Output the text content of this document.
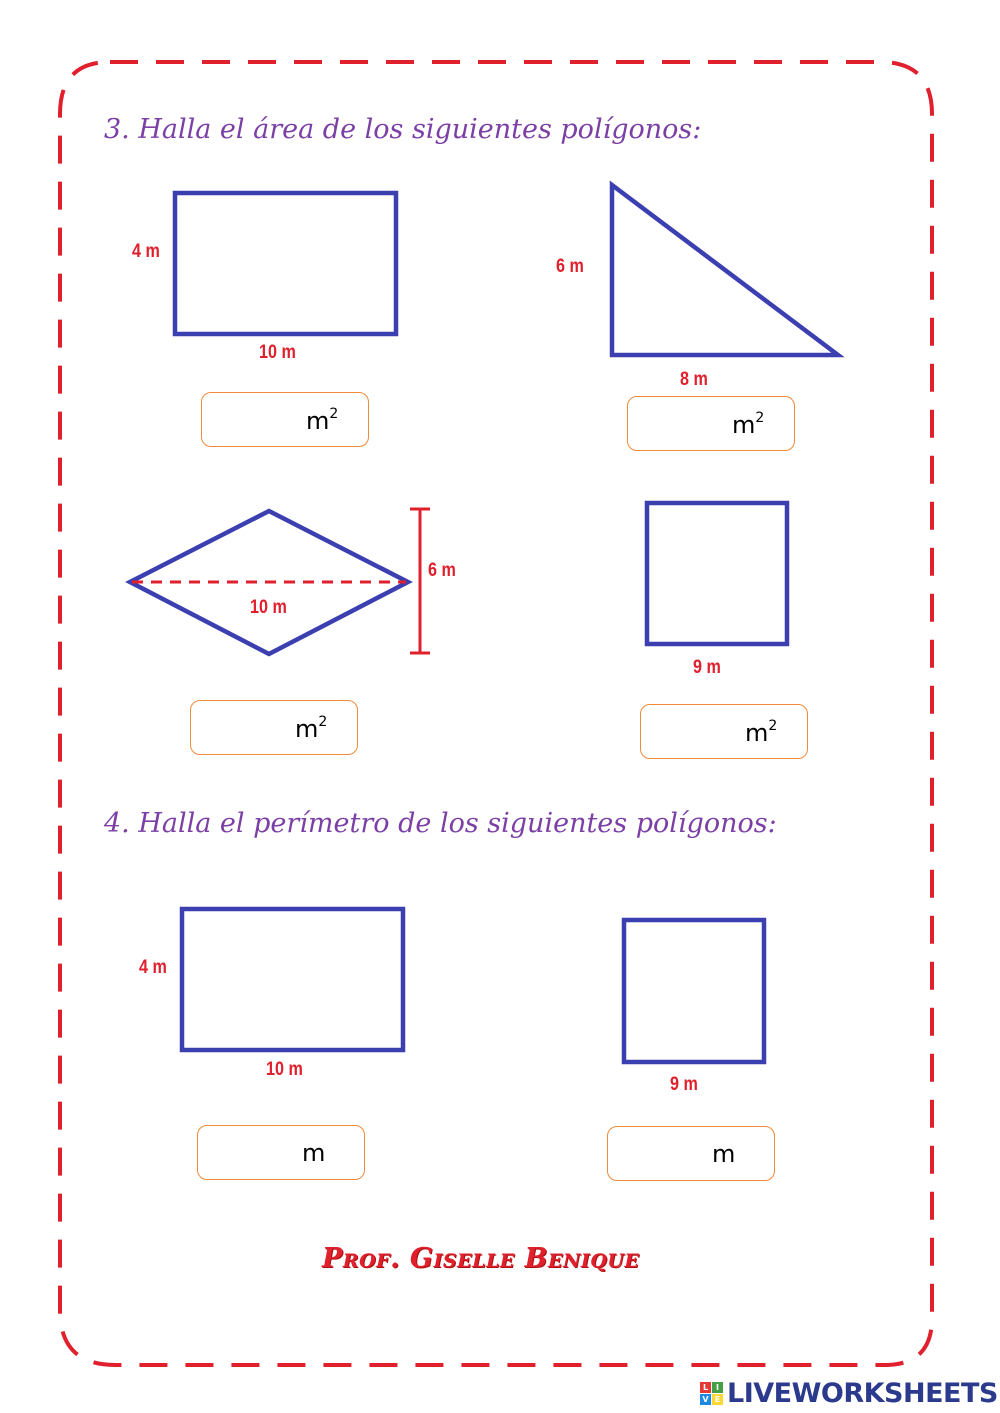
3. Halla el área de los siguientes polígonos:

4 m

10 m

$m^2$

6 m

8 m

$m^2$

10 m

6 m

$m^2$

9 m

$m^2$
4. Halla el perímetro de los siguientes polígonos:

4 m

10 m

m

9 m

m

Prof. Giselle Benique

L I
V E LIVEWORKSHEETS
